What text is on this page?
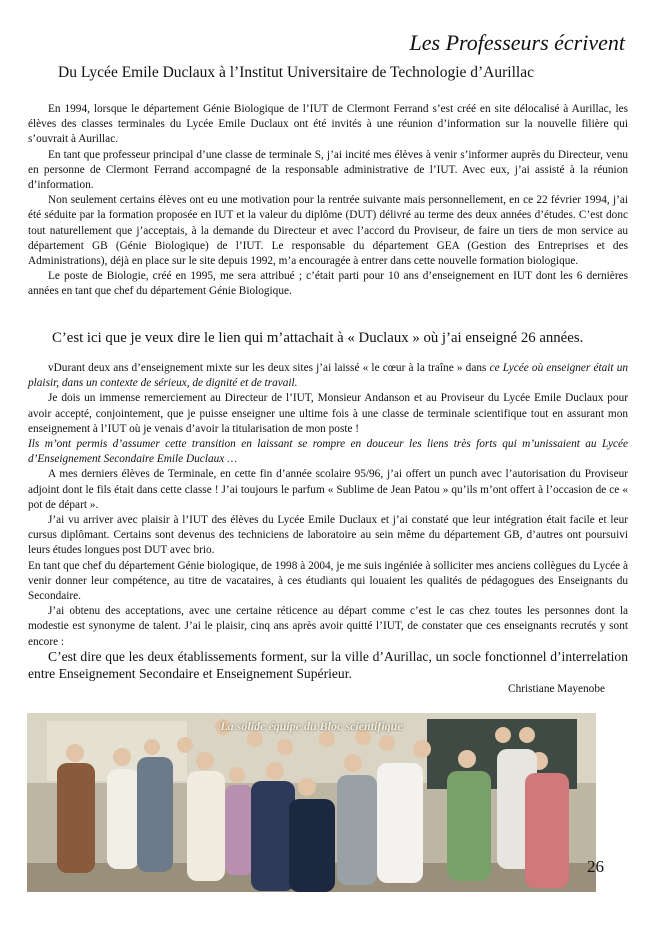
Les Professeurs écrivent
Du Lycée Emile Duclaux à l’Institut Universitaire de Technologie d’Aurillac

En 1994, lorsque le département Génie Biologique de l’IUT de Clermont Ferrand s’est créé en site délocalisé à Aurillac, les élèves des classes terminales du Lycée Emile Duclaux ont été invités à une réunion d’information sur la nouvelle filière qui s’ouvrait à Aurillac.

En tant que professeur principal d’une classe de terminale S, j’ai incité mes élèves à venir s’informer auprès du Directeur, venu en personne de Clermont Ferrand accompagné de la responsable administrative de l’IUT. Avec eux, j’ai assisté à la réunion d’information.

Non seulement certains élèves ont eu une motivation pour la rentrée suivante mais personnellement, en ce 22 février 1994, j’ai été séduite par la formation proposée en IUT et la valeur du diplôme (DUT) délivré au terme des deux années d’études. C’est donc tout naturellement que j’acceptais, à la demande du Directeur et avec l’accord du Proviseur, de faire un tiers de mon service au département GB (Génie Biologique) de l’IUT. Le responsable du département GEA (Gestion des Entreprises et des Administrations), déjà en place sur le site depuis 1992, m’a encouragée à entrer dans cette nouvelle formation biologique.

Le poste de Biologie, créé en 1995, me sera attribué ; c’était parti pour 10 ans d’enseignement en IUT dont les 6 dernières années en tant que chef du département Génie Biologique.

C’est ici que je veux dire le lien qui m’attachait à « Duclaux » où j’ai enseigné 26 années.

vDurant deux ans d’enseignement mixte sur les deux sites j’ai laissé « le cœur à la traîne » dans ce Lycée où enseigner était un plaisir, dans un contexte de sérieux, de dignité et de travail.

Je dois un immense remerciement au Directeur de l’IUT, Monsieur Andanson et au Proviseur du Lycée Emile Duclaux pour avoir accepté, conjointement, que je puisse enseigner une ultime fois à une classe de terminale scientifique tout en assurant mon enseignement à l’IUT où je venais d’avoir la titularisation de mon poste !

Ils m’ont permis d’assumer cette transition en laissant se rompre en douceur les liens très forts qui m’unissaient au Lycée d’Enseignement Secondaire Emile Duclaux …

A mes derniers élèves de Terminale, en cette fin d’année scolaire 95/96, j’ai offert un punch avec l’autorisation du Proviseur adjoint dont le fils était dans cette classe ! J’ai toujours le parfum « Sublime de Jean Patou » qu’ils m’ont offert à l’occasion de ce « pot de départ ».

J’ai vu arriver avec plaisir à l’IUT des élèves du Lycée Emile Duclaux et j’ai constaté que leur intégration était facile et leur cursus diplômant. Certains sont devenus des techniciens de laboratoire au sein même du département GB, d’autres ont poursuivi leurs études longues post DUT avec brio.

En tant que chef du département Génie biologique, de 1998 à 2004, je me suis ingéniée à solliciter mes anciens collègues du Lycée à venir donner leur compétence, au titre de vacataires, à ces étudiants qui louaient les qualités de pédagogues des Enseignants du Secondaire.

J’ai obtenu des acceptations, avec une certaine réticence au départ comme c’est le cas chez toutes les personnes dont la modestie est synonyme de talent. J’ai le plaisir, cinq ans après avoir quitté l’IUT, de constater que ces enseignants recrutés y sont encore :

C’est dire que les deux établissements forment, sur la ville d’Aurillac, un socle fonctionnel d’interrelation entre Enseignement Secondaire et Enseignement Supérieur.
Christiane Mayenobe
La solide équipe du Bloc scientifique
26
